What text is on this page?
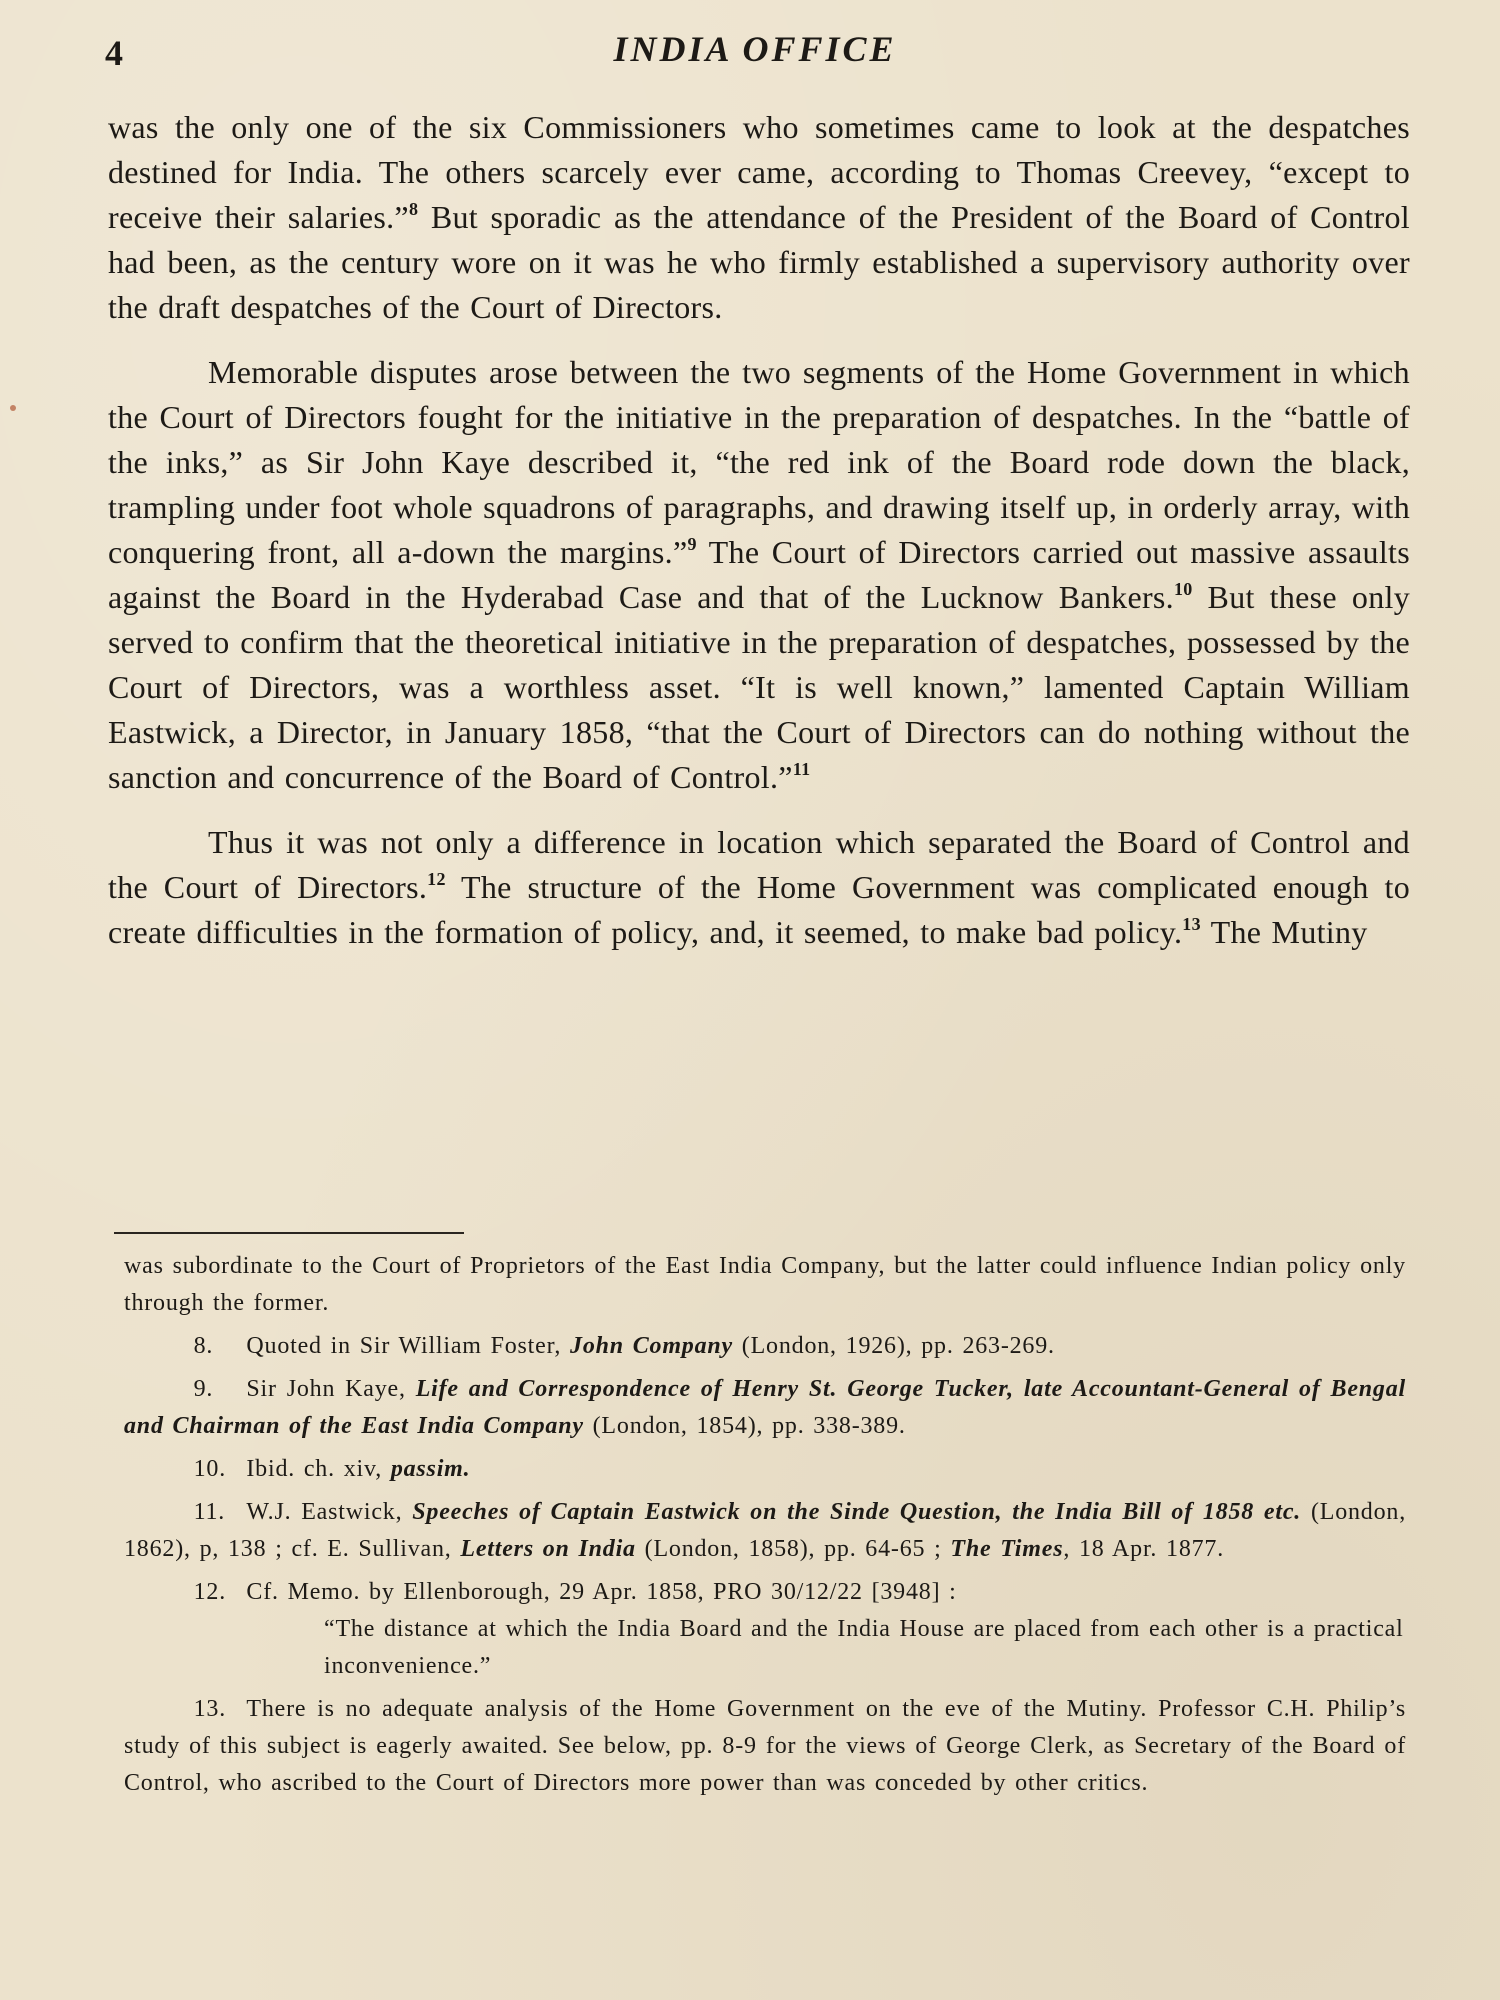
4	INDIA OFFICE

was the only one of the six Commissioners who sometimes came to look at the despatches destined for India. The others scarcely ever came, according to Thomas Creevey, “except to receive their salaries.”$^8$ But sporadic as the attendance of the President of the Board of Control had been, as the century wore on it was he who firmly established a supervisory authority over the draft despatches of the Court of Directors.

Memorable disputes arose between the two segments of the Home Government in which the Court of Directors fought for the initiative in the preparation of despatches. In the “battle of the inks,” as Sir John Kaye described it, “the red ink of the Board rode down the black, trampling under foot whole squadrons of paragraphs, and drawing itself up, in orderly array, with conquering front, all a-down the margins.”$^9$ The Court of Directors carried out massive assaults against the Board in the Hyderabad Case and that of the Lucknow Bankers.$^{10}$ But these only served to confirm that the theoretical initiative in the preparation of despatches, possessed by the Court of Directors, was a worthless asset. “It is well known,” lamented Captain William Eastwick, a Director, in January 1858, “that the Court of Directors can do nothing without the sanction and concurrence of the Board of Control.”$^{11}$

Thus it was not only a difference in location which separated the Board of Control and the Court of Directors.$^{12}$ The structure of the Home Government was complicated enough to create difficulties in the formation of policy, and, it seemed, to make bad policy.$^{13}$ The Mutiny

was subordinate to the Court of Proprietors of the East India Company, but the latter could influence Indian policy only through the former.

8. Quoted in Sir William Foster, John Company (London, 1926), pp. 263-269.

9. Sir John Kaye, Life and Correspondence of Henry St. George Tucker, late Accountant-General of Bengal and Chairman of the East India Company (London, 1854), pp. 338-389.

10. Ibid. ch. xiv, passim.

11. W.J. Eastwick, Speeches of Captain Eastwick on the Sinde Question, the India Bill of 1858 etc. (London, 1862), p, 138 ; cf. E. Sullivan, Letters on India (London, 1858), pp. 64-65 ; The Times, 18 Apr. 1877.

12. Cf. Memo. by Ellenborough, 29 Apr. 1858, PRO 30/12/22 [3948] :

“The distance at which the India Board and the India House are placed from each other is a practical inconvenience.”

13. There is no adequate analysis of the Home Government on the eve of the Mutiny. Professor C.H. Philip’s study of this subject is eagerly awaited. See below, pp. 8-9 for the views of George Clerk, as Secretary of the Board of Control, who ascribed to the Court of Directors more power than was conceded by other critics.
